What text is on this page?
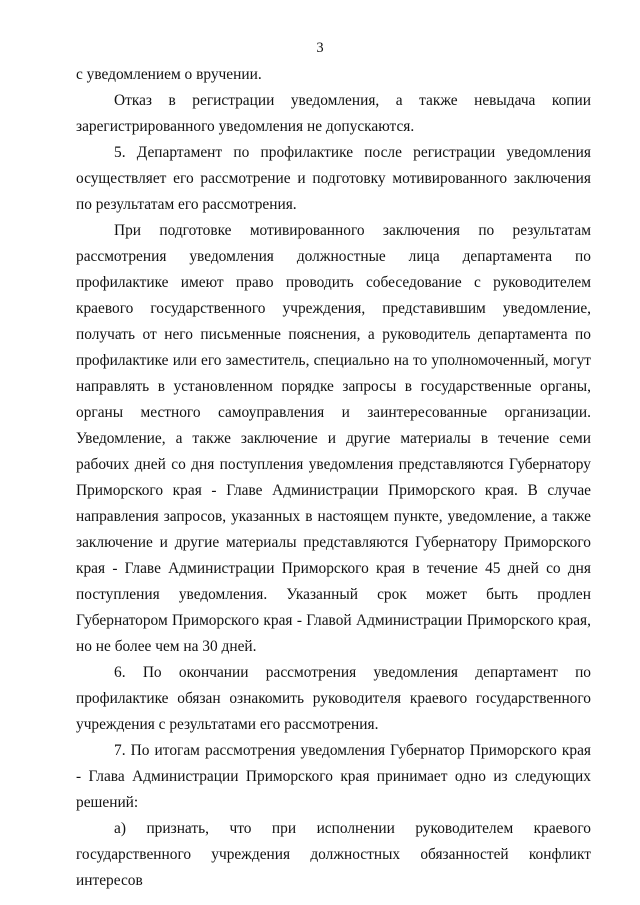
3

с уведомлением о вручении.

Отказ в регистрации уведомления, а также невыдача копии зарегистрированного уведомления не допускаются.

5. Департамент по профилактике после регистрации уведомления осуществляет его рассмотрение и подготовку мотивированного заключения по результатам его рассмотрения.

При подготовке мотивированного заключения по результатам рассмотрения уведомления должностные лица департамента по профилактике имеют право проводить собеседование с руководителем краевого государственного учреждения, представившим уведомление, получать от него письменные пояснения, а руководитель департамента по профилактике или его заместитель, специально на то уполномоченный, могут направлять в установленном порядке запросы в государственные органы, органы местного самоуправления и заинтересованные организации. Уведомление, а также заключение и другие материалы в течение семи рабочих дней со дня поступления уведомления представляются Губернатору Приморского края - Главе Администрации Приморского края. В случае направления запросов, указанных в настоящем пункте, уведомление, а также заключение и другие материалы представляются Губернатору Приморского края - Главе Администрации Приморского края в течение 45 дней со дня поступления уведомления. Указанный срок может быть продлен Губернатором Приморского края - Главой Администрации Приморского края, но не более чем на 30 дней.

6. По окончании рассмотрения уведомления департамент по профилактике обязан ознакомить руководителя краевого государственного учреждения с результатами его рассмотрения.

7. По итогам рассмотрения уведомления Губернатор Приморского края - Глава Администрации Приморского края принимает одно из следующих решений:

а) признать, что при исполнении руководителем краевого государственного учреждения должностных обязанностей конфликт интересов
